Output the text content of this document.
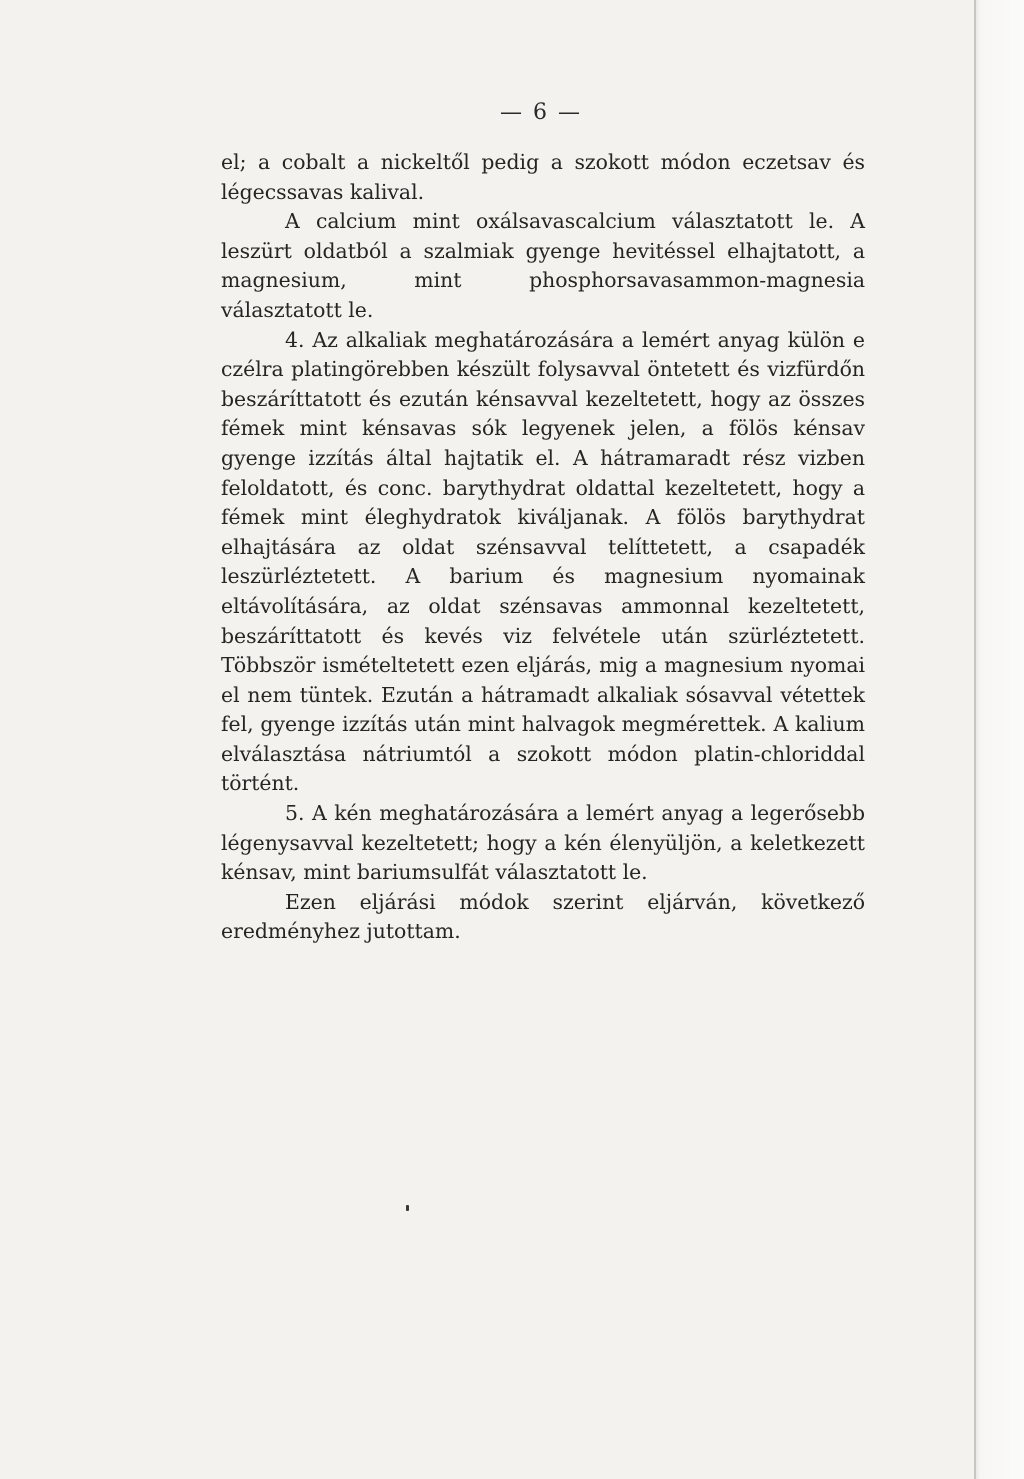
— 6 —

el; a cobalt a nickeltől pedig a szokott módon eczetsav és légecssavas kalival.

A calcium mint oxálsavascalcium választatott le. A leszürt oldatból a szalmiak gyenge hevitéssel elhajtatott, a magnesium, mint phosphorsavasammon-magnesia választatott le.

4. Az alkaliak meghatározására a lemért anyag külön e czélra platingörebben készült folysavval öntetett és vizfürdőn beszáríttatott és ezután kénsavval kezeltetett, hogy az összes fémek mint kénsavas sók legyenek jelen, a fölös kénsav gyenge izzítás által hajtatik el. A hátramaradt rész vizben feloldatott, és conc. barythydrat oldattal kezeltetett, hogy a fémek mint éleghydratok kiváljanak. A fölös barythydrat elhajtására az oldat szénsavval telíttetett, a csapadék leszürléztetett. A barium és magnesium nyomainak eltávolítására, az oldat szénsavas ammonnal kezeltetett, beszáríttatott és kevés viz felvétele után szürléztetett. Többször ismételtetett ezen eljárás, mig a magnesium nyomai el nem tüntek. Ezután a hátramadt alkaliak sósavval vétettek fel, gyenge izzítás után mint halvagok megmérettek. A kalium elválasztása nátriumtól a szokott módon platin-chloriddal történt.

5. A kén meghatározására a lemért anyag a legerősebb légenysavval kezeltetett; hogy a kén élenyüljön, a keletkezett kénsav, mint bariumsulfát választatott le.

Ezen eljárási módok szerint eljárván, következő eredményhez jutottam.
